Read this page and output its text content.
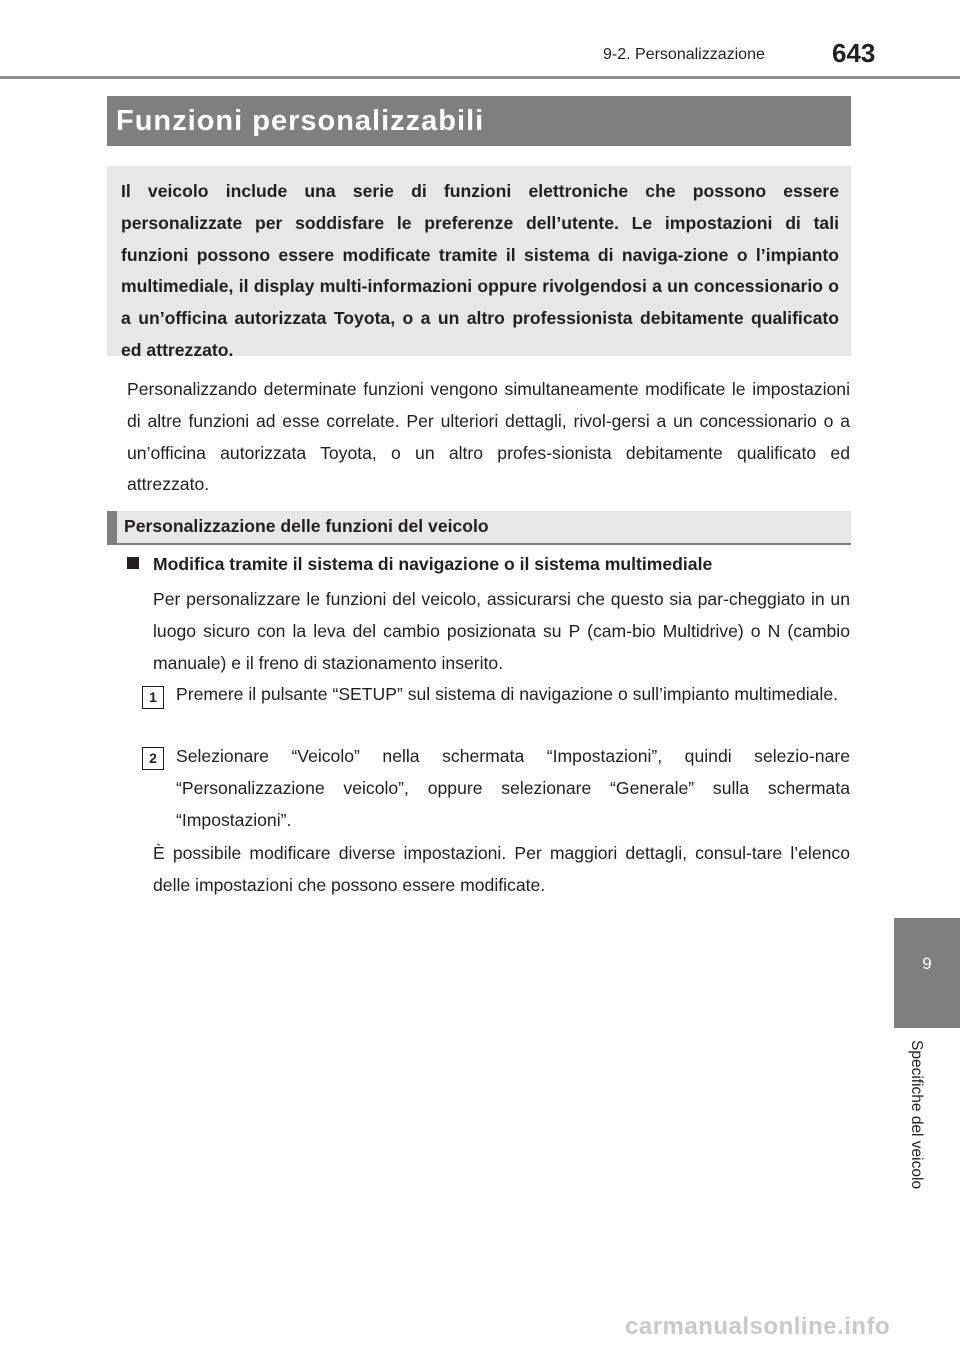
9-2. Personalizzazione	643
Funzioni personalizzabili
Il veicolo include una serie di funzioni elettroniche che possono essere personalizzate per soddisfare le preferenze dell’utente. Le impostazioni di tali funzioni possono essere modificate tramite il sistema di naviga-zione o l’impianto multimediale, il display multi-informazioni oppure rivolgendosi a un concessionario o a un’officina autorizzata Toyota, o a un altro professionista debitamente qualificato ed attrezzato.
Personalizzando determinate funzioni vengono simultaneamente modificate le impostazioni di altre funzioni ad esse correlate. Per ulteriori dettagli, rivol-gersi a un concessionario o a un’officina autorizzata Toyota, o un altro profes-sionista debitamente qualificato ed attrezzato.
Personalizzazione delle funzioni del veicolo
Modifica tramite il sistema di navigazione o il sistema multimediale
Per personalizzare le funzioni del veicolo, assicurarsi che questo sia par-cheggiato in un luogo sicuro con la leva del cambio posizionata su P (cam-bio Multidrive) o N (cambio manuale) e il freno di stazionamento inserito.
1	Premere il pulsante “SETUP” sul sistema di navigazione o sull’impianto multimediale.
2	Selezionare “Veicolo” nella schermata “Impostazioni”, quindi selezio-nare “Personalizzazione veicolo”, oppure selezionare “Generale” sulla schermata “Impostazioni”.
È possibile modificare diverse impostazioni. Per maggiori dettagli, consul-tare l’elenco delle impostazioni che possono essere modificate.
9
Specifiche del veicolo
carmanualsonline.info
